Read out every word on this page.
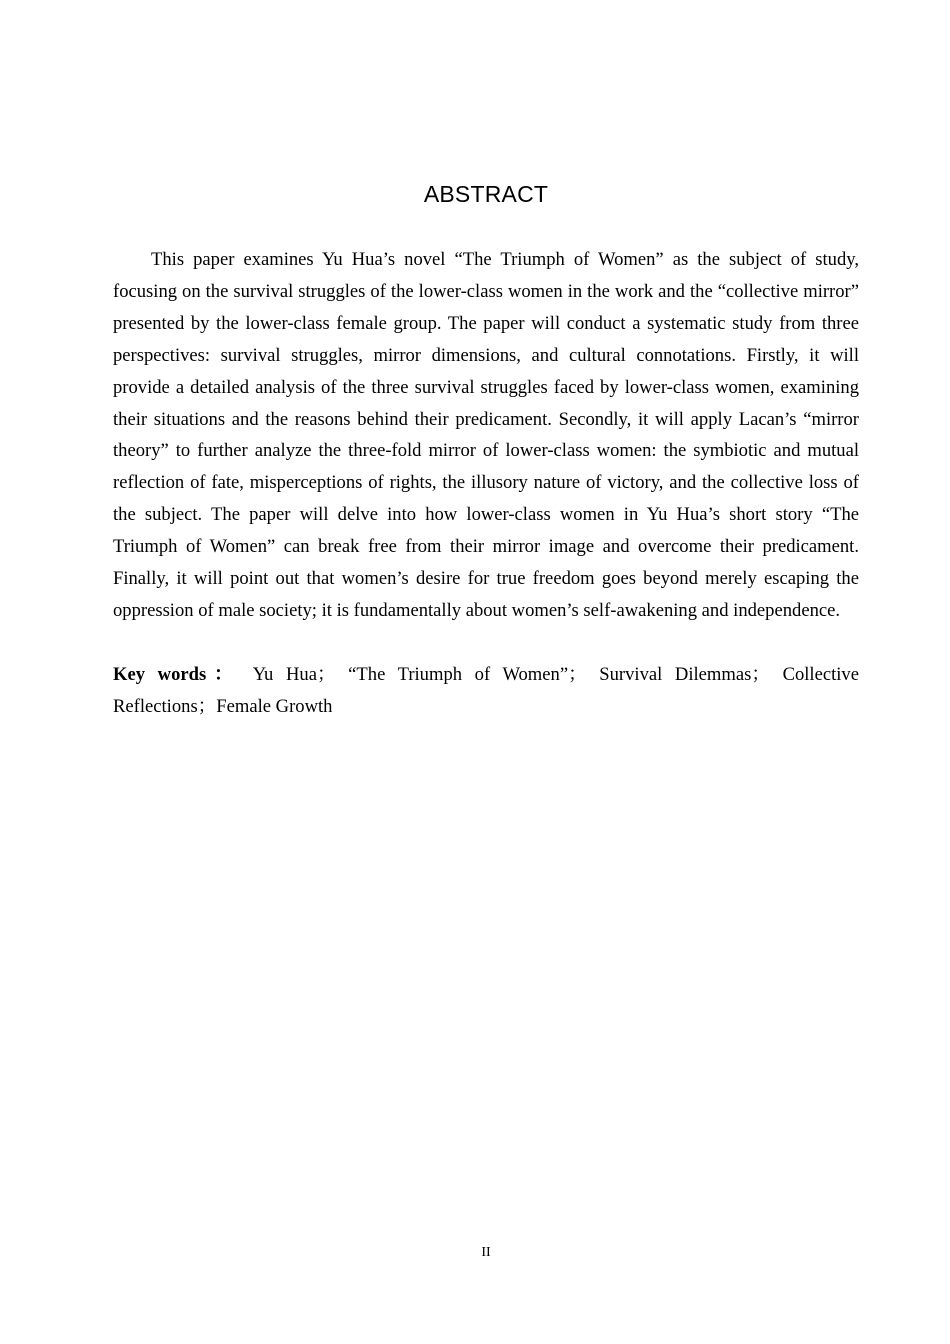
ABSTRACT

This paper examines Yu Hua’s novel “The Triumph of Women” as the subject of study, focusing on the survival struggles of the lower-class women in the work and the “collective mirror” presented by the lower-class female group. The paper will conduct a systematic study from three perspectives: survival struggles, mirror dimensions, and cultural connotations. Firstly, it will provide a detailed analysis of the three survival struggles faced by lower-class women, examining their situations and the reasons behind their predicament. Secondly, it will apply Lacan’s “mirror theory” to further analyze the three-fold mirror of lower-class women: the symbiotic and mutual reflection of fate, misperceptions of rights, the illusory nature of victory, and the collective loss of the subject. The paper will delve into how lower-class women in Yu Hua’s short story “The Triumph of Women” can break free from their mirror image and overcome their predicament. Finally, it will point out that women’s desire for true freedom goes beyond merely escaping the oppression of male society; it is fundamentally about women’s self-awakening and independence.

Key words： Yu Hua； “The Triumph of Women”； Survival Dilemmas； Collective Reflections；Female Growth

II
